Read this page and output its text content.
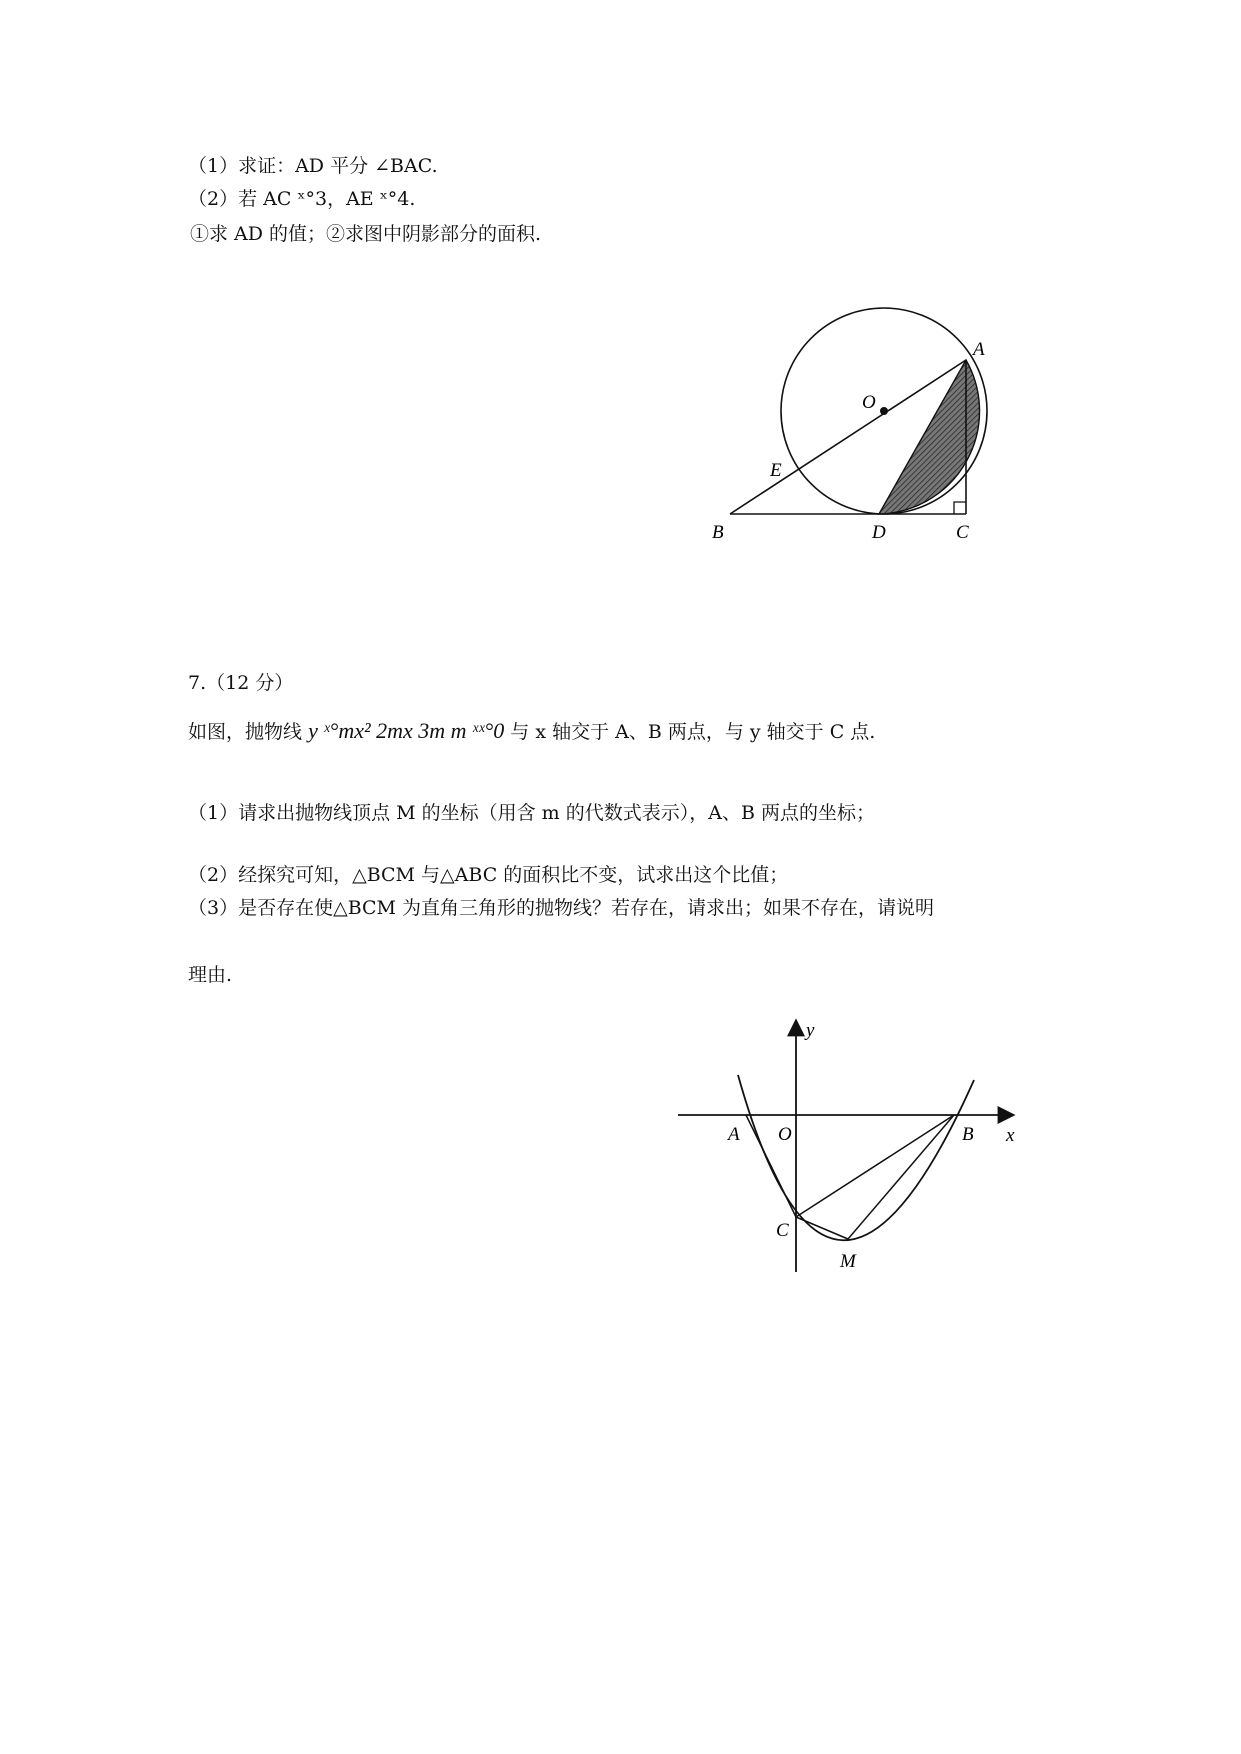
（1）求证：AD 平分 ∠BAC.
（2）若 AC ˣ°3，AE ˣ°4.
①求 AD 的值；②求图中阴影部分的面积.
A
O
E
B	D	C
7.（12 分）
如图，抛物线 y ˣ°mx² 2mx 3m m ˣˣ°0 与 x 轴交于 A、B 两点，与 y 轴交于 C 点.
（1）请求出抛物线顶点 M 的坐标（用含 m 的代数式表示），A、B 两点的坐标；
（2）经探究可知，△BCM 与△ABC 的面积比不变，试求出这个比值；
（3）是否存在使△BCM 为直角三角形的抛物线？若存在，请求出；如果不存在，请说明
理由.
y
x
A O	B
C
M
